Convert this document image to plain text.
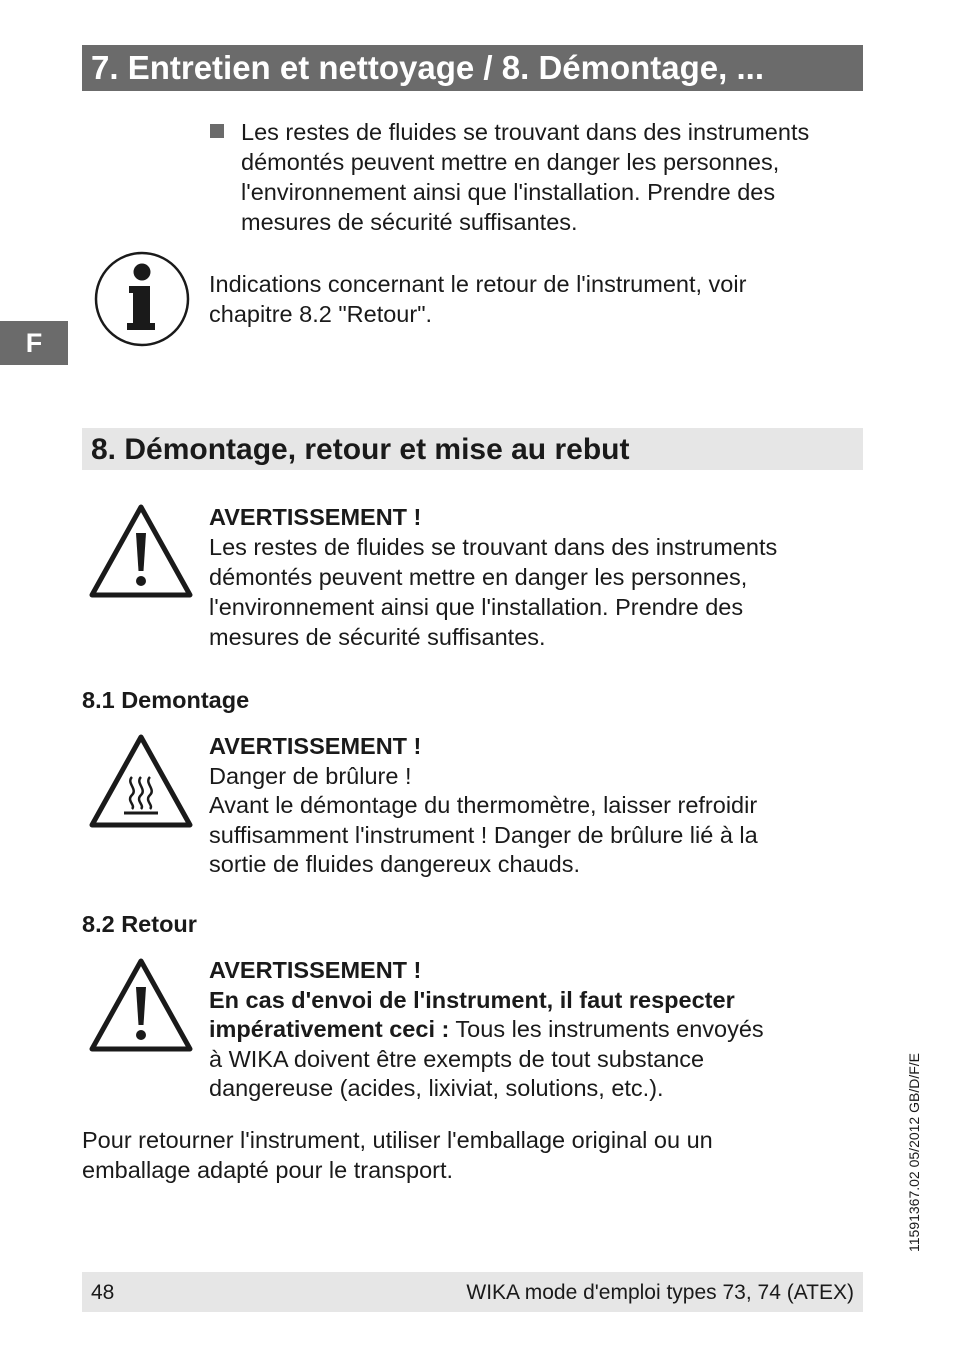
7. Entretien et nettoyage / 8. Démontage, ...
Les restes de fluides se trouvant dans des instruments
démontés peuvent mettre en danger les personnes,
l'environnement ainsi que l'installation. Prendre des
mesures de sécurité suffisantes.
Indications concernant le retour de l'instrument, voir
chapitre 8.2 "Retour".
F
8. Démontage, retour et mise au rebut
AVERTISSEMENT !
Les restes de fluides se trouvant dans des instruments
démontés peuvent mettre en danger les personnes,
l'environnement ainsi que l'installation. Prendre des
mesures de sécurité suffisantes.
8.1 Demontage
AVERTISSEMENT !
Danger de brûlure !
Avant le démontage du thermomètre, laisser refroidir
suffisamment l'instrument ! Danger de brûlure lié à la
sortie de fluides dangereux chauds.
8.2 Retour
AVERTISSEMENT !
En cas d'envoi de l'instrument, il faut respecter
impérativement ceci : Tous les instruments envoyés
à WIKA doivent être exempts de tout substance
dangereuse (acides, lixiviat, solutions, etc.).
Pour retourner l'instrument, utiliser l'emballage original ou un
emballage adapté pour le transport.	11591367.02 05/2012 GB/D/F/E
48	WIKA mode d'emploi types 73, 74 (ATEX)
